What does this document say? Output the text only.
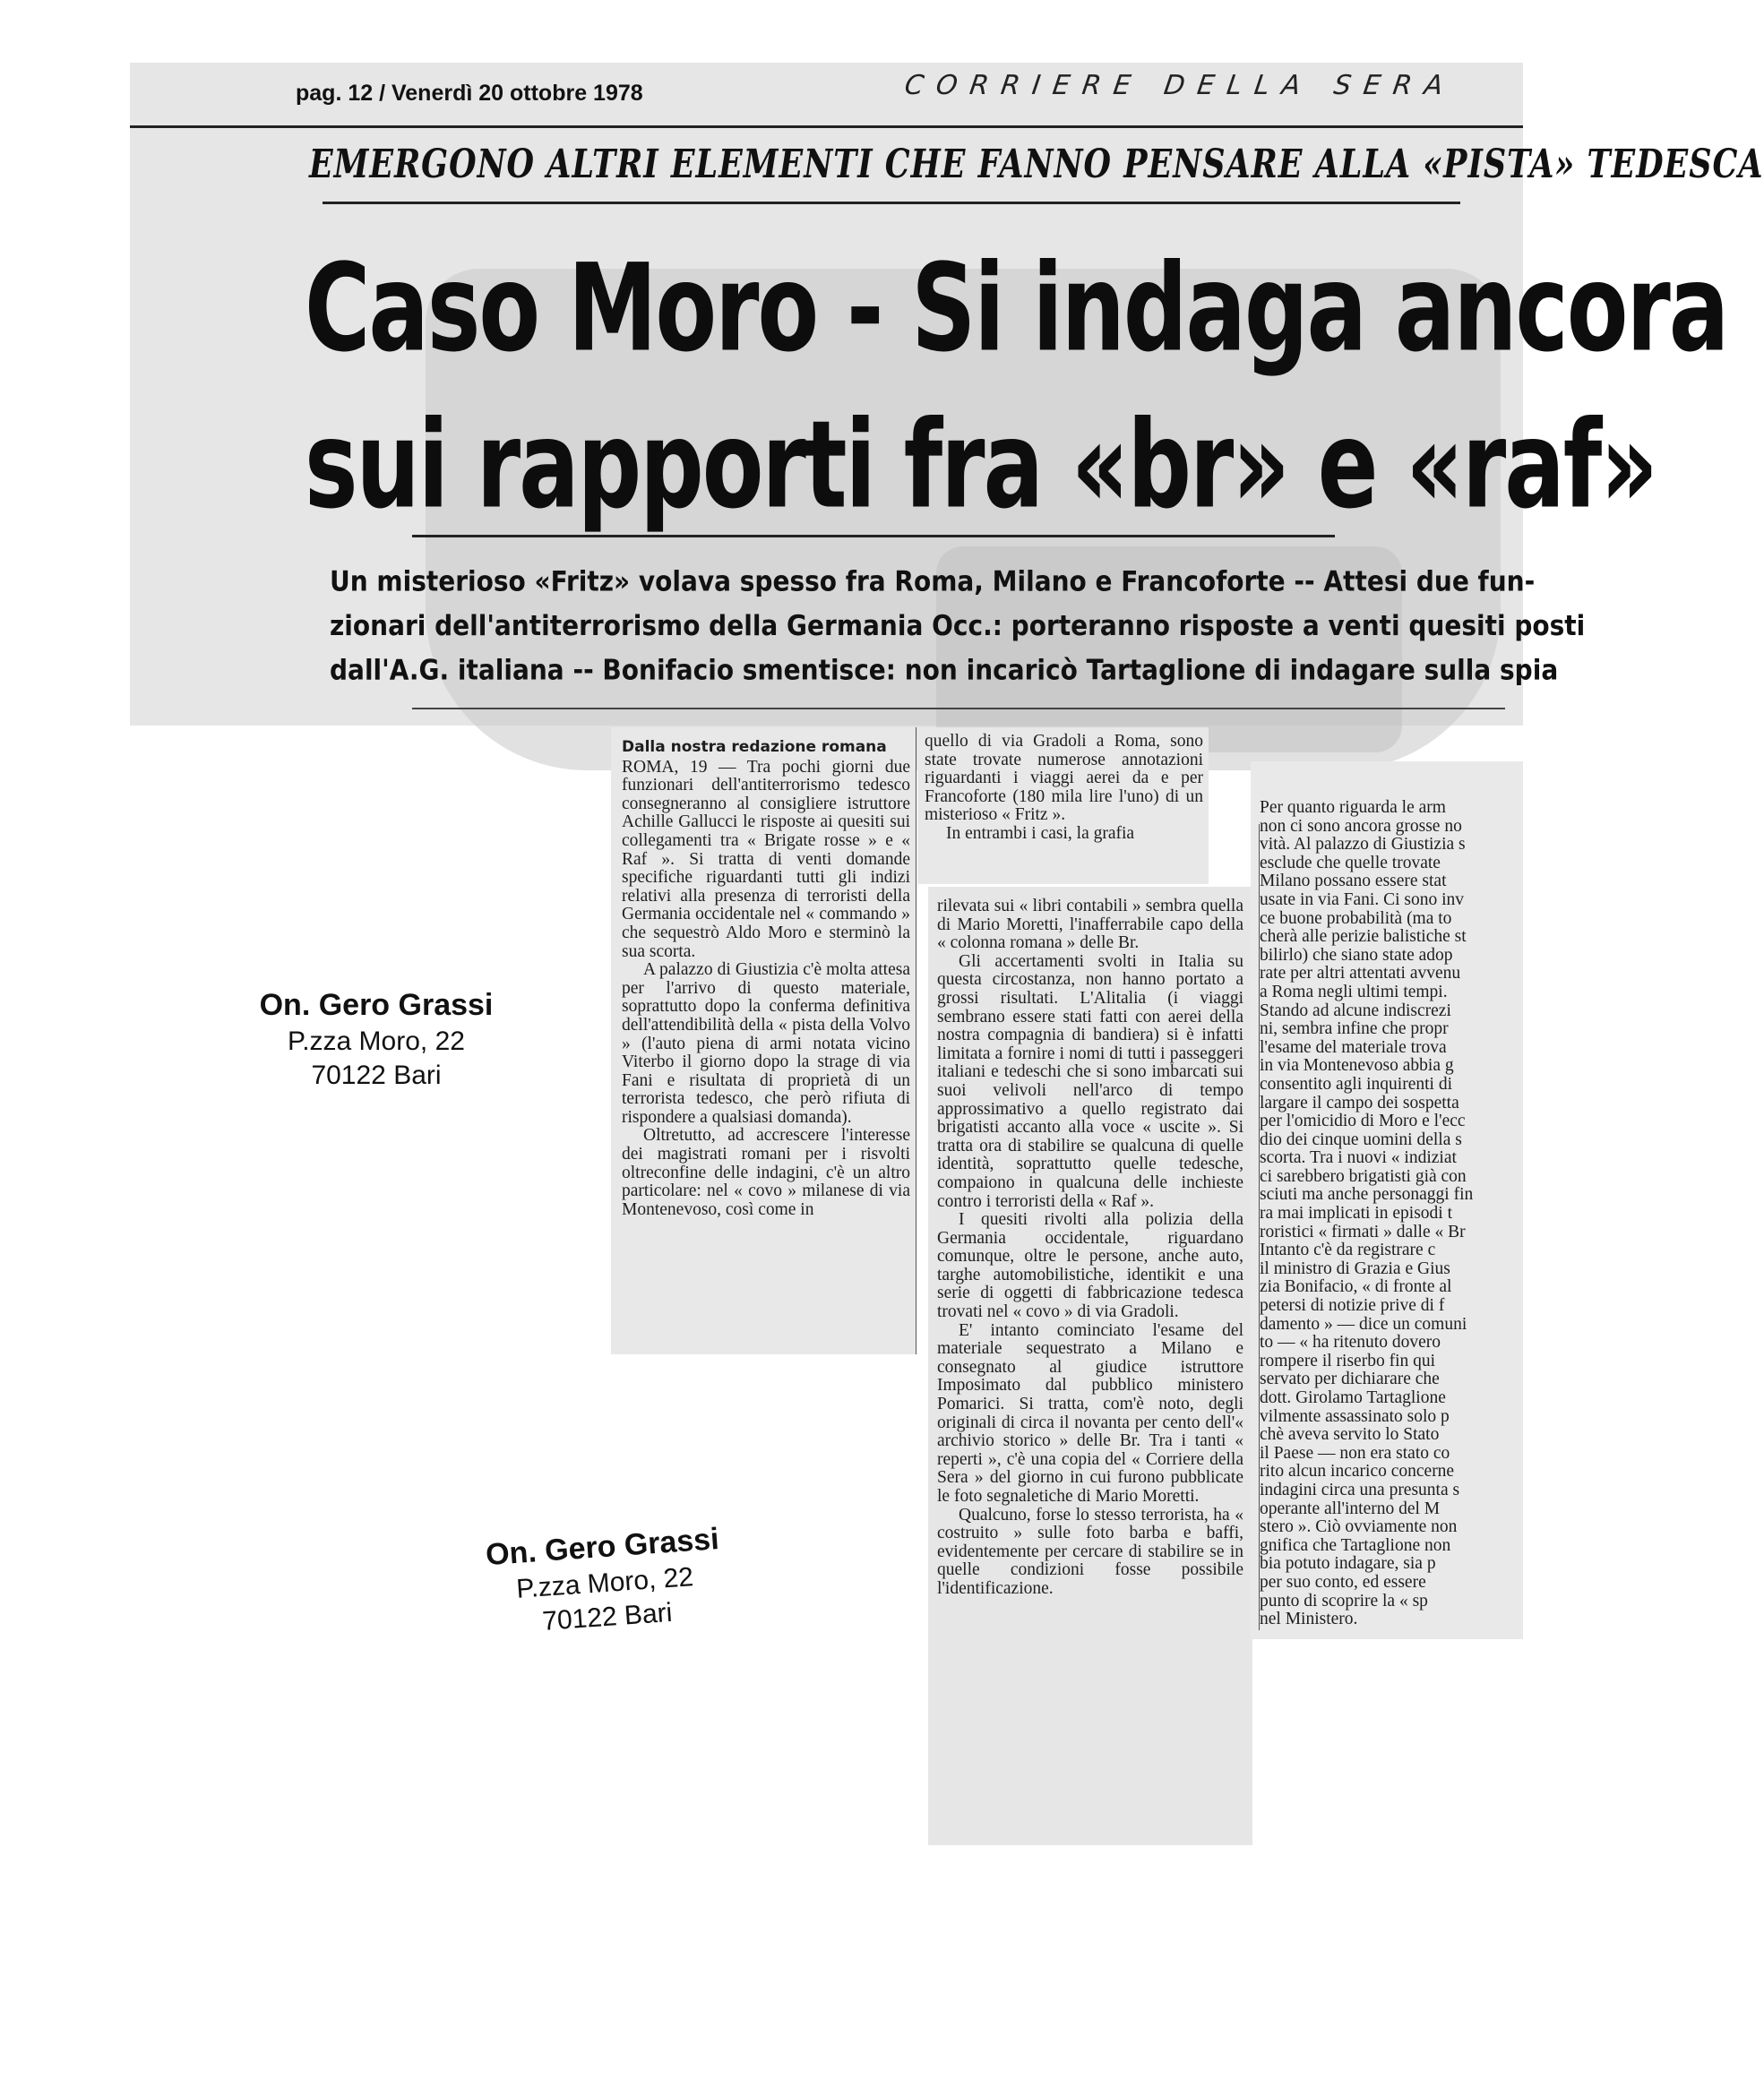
pag. 12 / Venerdì 20 ottobre 1978	CORRIERE DELLA SERA
EMERGONO ALTRI ELEMENTI CHE FANNO PENSARE ALLA «PISTA» TEDESCA
Caso Moro - Si indaga ancora
sui rapporti fra «br» e «raf»
Un misterioso «Fritz» volava spesso fra Roma, Milano e Francoforte -- Attesi due fun-
zionari dell'antiterrorismo della Germania Occ.: porteranno risposte a venti quesiti posti
dall'A.G. italiana -- Bonifacio smentisce: non incaricò Tartaglione di indagare sulla spia
Dalla nostra redazione romana

ROMA, 19 — Tra pochi giorni due funzionari dell'antiterrorismo tedesco consegneranno al consigliere istruttore Achille Gallucci le risposte ai quesiti sui collegamenti tra « Brigate rosse » e « Raf ». Si tratta di venti domande specifiche riguardanti tutti gli indizi relativi alla presenza di terroristi della Germania occidentale nel « commando » che sequestrò Aldo Moro e sterminò la sua scorta.

A palazzo di Giustizia c'è molta attesa per l'arrivo di questo materiale, soprattutto dopo la conferma definitiva dell'attendibilità della « pista della Volvo » (l'auto piena di armi notata vicino Viterbo il giorno dopo la strage di via Fani e risultata di proprietà di un terrorista tedesco, che però rifiuta di rispondere a qualsiasi domanda).

Oltretutto, ad accrescere l'interesse dei magistrati romani per i risvolti oltreconfine delle indagini, c'è un altro particolare: nel « covo » milanese di via Montenevoso, così come in

quello di via Gradoli a Roma, sono state trovate numerose annotazioni riguardanti i viaggi aerei da e per Francoforte (180 mila lire l'uno) di un misterioso « Fritz ».

In entrambi i casi, la grafia

rilevata sui « libri contabili » sembra quella di Mario Moretti, l'inafferrabile capo della « colonna romana » delle Br.

Gli accertamenti svolti in Italia su questa circostanza, non hanno portato a grossi risultati. L'Alitalia (i viaggi sembrano essere stati fatti con aerei della nostra compagnia di bandiera) si è infatti limitata a fornire i nomi di tutti i passeggeri italiani e tedeschi che si sono imbarcati sui suoi velivoli nell'arco di tempo approssimativo a quello registrato dai brigatisti accanto alla voce « uscite ». Si tratta ora di stabilire se qualcuna di quelle identità, soprattutto quelle tedesche, compaiono in qualcuna delle inchieste contro i terroristi della « Raf ».

I quesiti rivolti alla polizia della Germania occidentale, riguardano comunque, oltre le persone, anche auto, targhe automobilistiche, identikit e una serie di oggetti di fabbricazione tedesca trovati nel « covo » di via Gradoli.

E' intanto cominciato l'esame del materiale sequestrato a Milano e consegnato al giudice istruttore Imposimato dal pubblico ministero Pomarici. Si tratta, com'è noto, degli originali di circa il novanta per cento dell'« archivio storico » delle Br. Tra i tanti « reperti », c'è una copia del « Corriere della Sera » del giorno in cui furono pubblicate le foto segnaletiche di Mario Moretti.

Qualcuno, forse lo stesso terrorista, ha « costruito » sulle foto barba e baffi, evidentemente per cercare di stabilire se in quelle condizioni fosse possibile l'identificazione.

Per quanto riguarda le arm
non ci sono ancora grosse no
vità. Al palazzo di Giustizia s
esclude che quelle trovate
Milano possano essere stat
usate in via Fani. Ci sono inv
ce buone probabilità (ma to
cherà alle perizie balistiche st
bilirlo) che siano state adop
rate per altri attentati avvenu
a Roma negli ultimi tempi.
Stando ad alcune indiscrezi
ni, sembra infine che propr
l'esame del materiale trova
in via Montenevoso abbia g
consentito agli inquirenti di
largare il campo dei sospetta
per l'omicidio di Moro e l'ecc
dio dei cinque uomini della s
scorta. Tra i nuovi « indiziat
ci sarebbero brigatisti già con
sciuti ma anche personaggi fin
ra mai implicati in episodi t
roristici « firmati » dalle « Br
Intanto c'è da registrare c
il ministro di Grazia e Gius
zia Bonifacio, « di fronte al
petersi di notizie prive di f
damento » — dice un comuni
to — « ha ritenuto dovero
rompere il riserbo fin qui
servato per dichiarare che
dott. Girolamo Tartaglione
vilmente assassinato solo p
chè aveva servito lo Stato
il Paese — non era stato co
rito alcun incarico concerne
indagini circa una presunta s
operante all'interno del M
stero ». Ciò ovviamente non
gnifica che Tartaglione non
bia potuto indagare, sia p
per suo conto, ed essere
punto di scoprire la « sp
nel Ministero.
On. Gero Grassi
P.zza Moro, 22
70122 Bari
On. Gero Grassi
P.zza Moro, 22
70122 Bari
